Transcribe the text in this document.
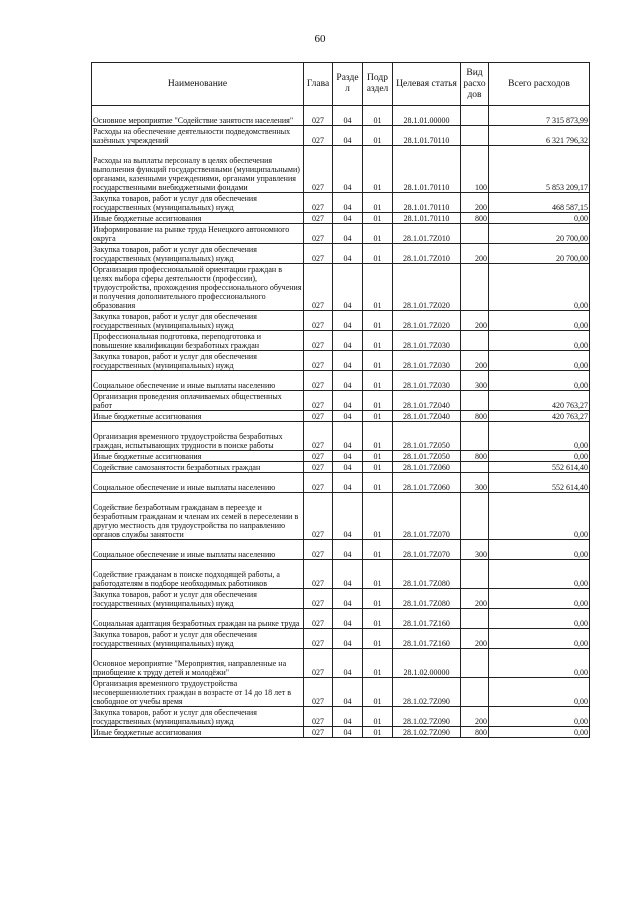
60
Наименование	Глава	Разде л	Подр аздел	Целевая статья	Вид расхо дов	Всего расходов
Основное мероприятие "Содействие занятости населения"	027	04	01	28.1.01.00000		7 315 873,99
Расходы на обеспечение деятельности подведомственных казённых учреждений	027	04	01	28.1.01.70110		6 321 796,32
Расходы на выплаты персоналу в целях обеспечения выполнения функций государственными (муниципальными) органами, казенными учреждениями, органами управления государственными внебюджетными фондами	027	04	01	28.1.01.70110	100	5 853 209,17
Закупка товаров, работ и услуг для обеспечения государственных (муниципальных) нужд	027	04	01	28.1.01.70110	200	468 587,15
Иные бюджетные ассигнования	027	04	01	28.1.01.70110	800	0,00
Информирование на рынке труда Ненецкого автономного округа	027	04	01	28.1.01.7Z010		20 700,00
Закупка товаров, работ и услуг для обеспечения государственных (муниципальных) нужд	027	04	01	28.1.01.7Z010	200	20 700,00
Организация профессиональной ориентации граждан в целях выбора сферы деятельности (профессии), трудоустройства, прохождения профессионального обучения и получения дополнительного профессионального образования	027	04	01	28.1.01.7Z020		0,00
Закупка товаров, работ и услуг для обеспечения государственных (муниципальных) нужд	027	04	01	28.1.01.7Z020	200	0,00
Профессиональная подготовка, переподготовка и повышение квалификации безработных граждан	027	04	01	28.1.01.7Z030		0,00
Закупка товаров, работ и услуг для обеспечения государственных (муниципальных) нужд	027	04	01	28.1.01.7Z030	200	0,00
Социальное обеспечение и иные выплаты населению	027	04	01	28.1.01.7Z030	300	0,00
Организация проведения оплачиваемых общественных работ	027	04	01	28.1.01.7Z040		420 763,27
Иные бюджетные ассигнования	027	04	01	28.1.01.7Z040	800	420 763,27
Организация временного трудоустройства безработных граждан, испытывающих трудности в поиске работы	027	04	01	28.1.01.7Z050		0,00
Иные бюджетные ассигнования	027	04	01	28.1.01.7Z050	800	0,00
Содействие самозанятости безработных граждан	027	04	01	28.1.01.7Z060		552 614,40
Социальное обеспечение и иные выплаты населению	027	04	01	28.1.01.7Z060	300	552 614,40
Содействие безработным гражданам в переезде и безработным гражданам и членам их семей в переселении в другую местность для трудоустройства по направлению органов службы занятости	027	04	01	28.1.01.7Z070		0,00
Социальное обеспечение и иные выплаты населению	027	04	01	28.1.01.7Z070	300	0,00
Содействие гражданам в поиске подходящей работы, а работодателям в подборе необходимых работников	027	04	01	28.1.01.7Z080		0,00
Закупка товаров, работ и услуг для обеспечения государственных (муниципальных) нужд	027	04	01	28.1.01.7Z080	200	0,00
Социальная адаптация безработных граждан на рынке труда	027	04	01	28.1.01.7Z160		0,00
Закупка товаров, работ и услуг для обеспечения государственных (муниципальных) нужд	027	04	01	28.1.01.7Z160	200	0,00
Основное мероприятие "Мероприятия, направленные на приобщение к труду детей и молодёжи"	027	04	01	28.1.02.00000		0,00
Организация временного трудоустройства несовершеннолетних граждан в возрасте от 14 до 18 лет в свободное от учебы время	027	04	01	28.1.02.7Z090		0,00
Закупка товаров, работ и услуг для обеспечения государственных (муниципальных) нужд	027	04	01	28.1.02.7Z090	200	0,00
Иные бюджетные ассигнования	027	04	01	28.1.02.7Z090	800	0,00
